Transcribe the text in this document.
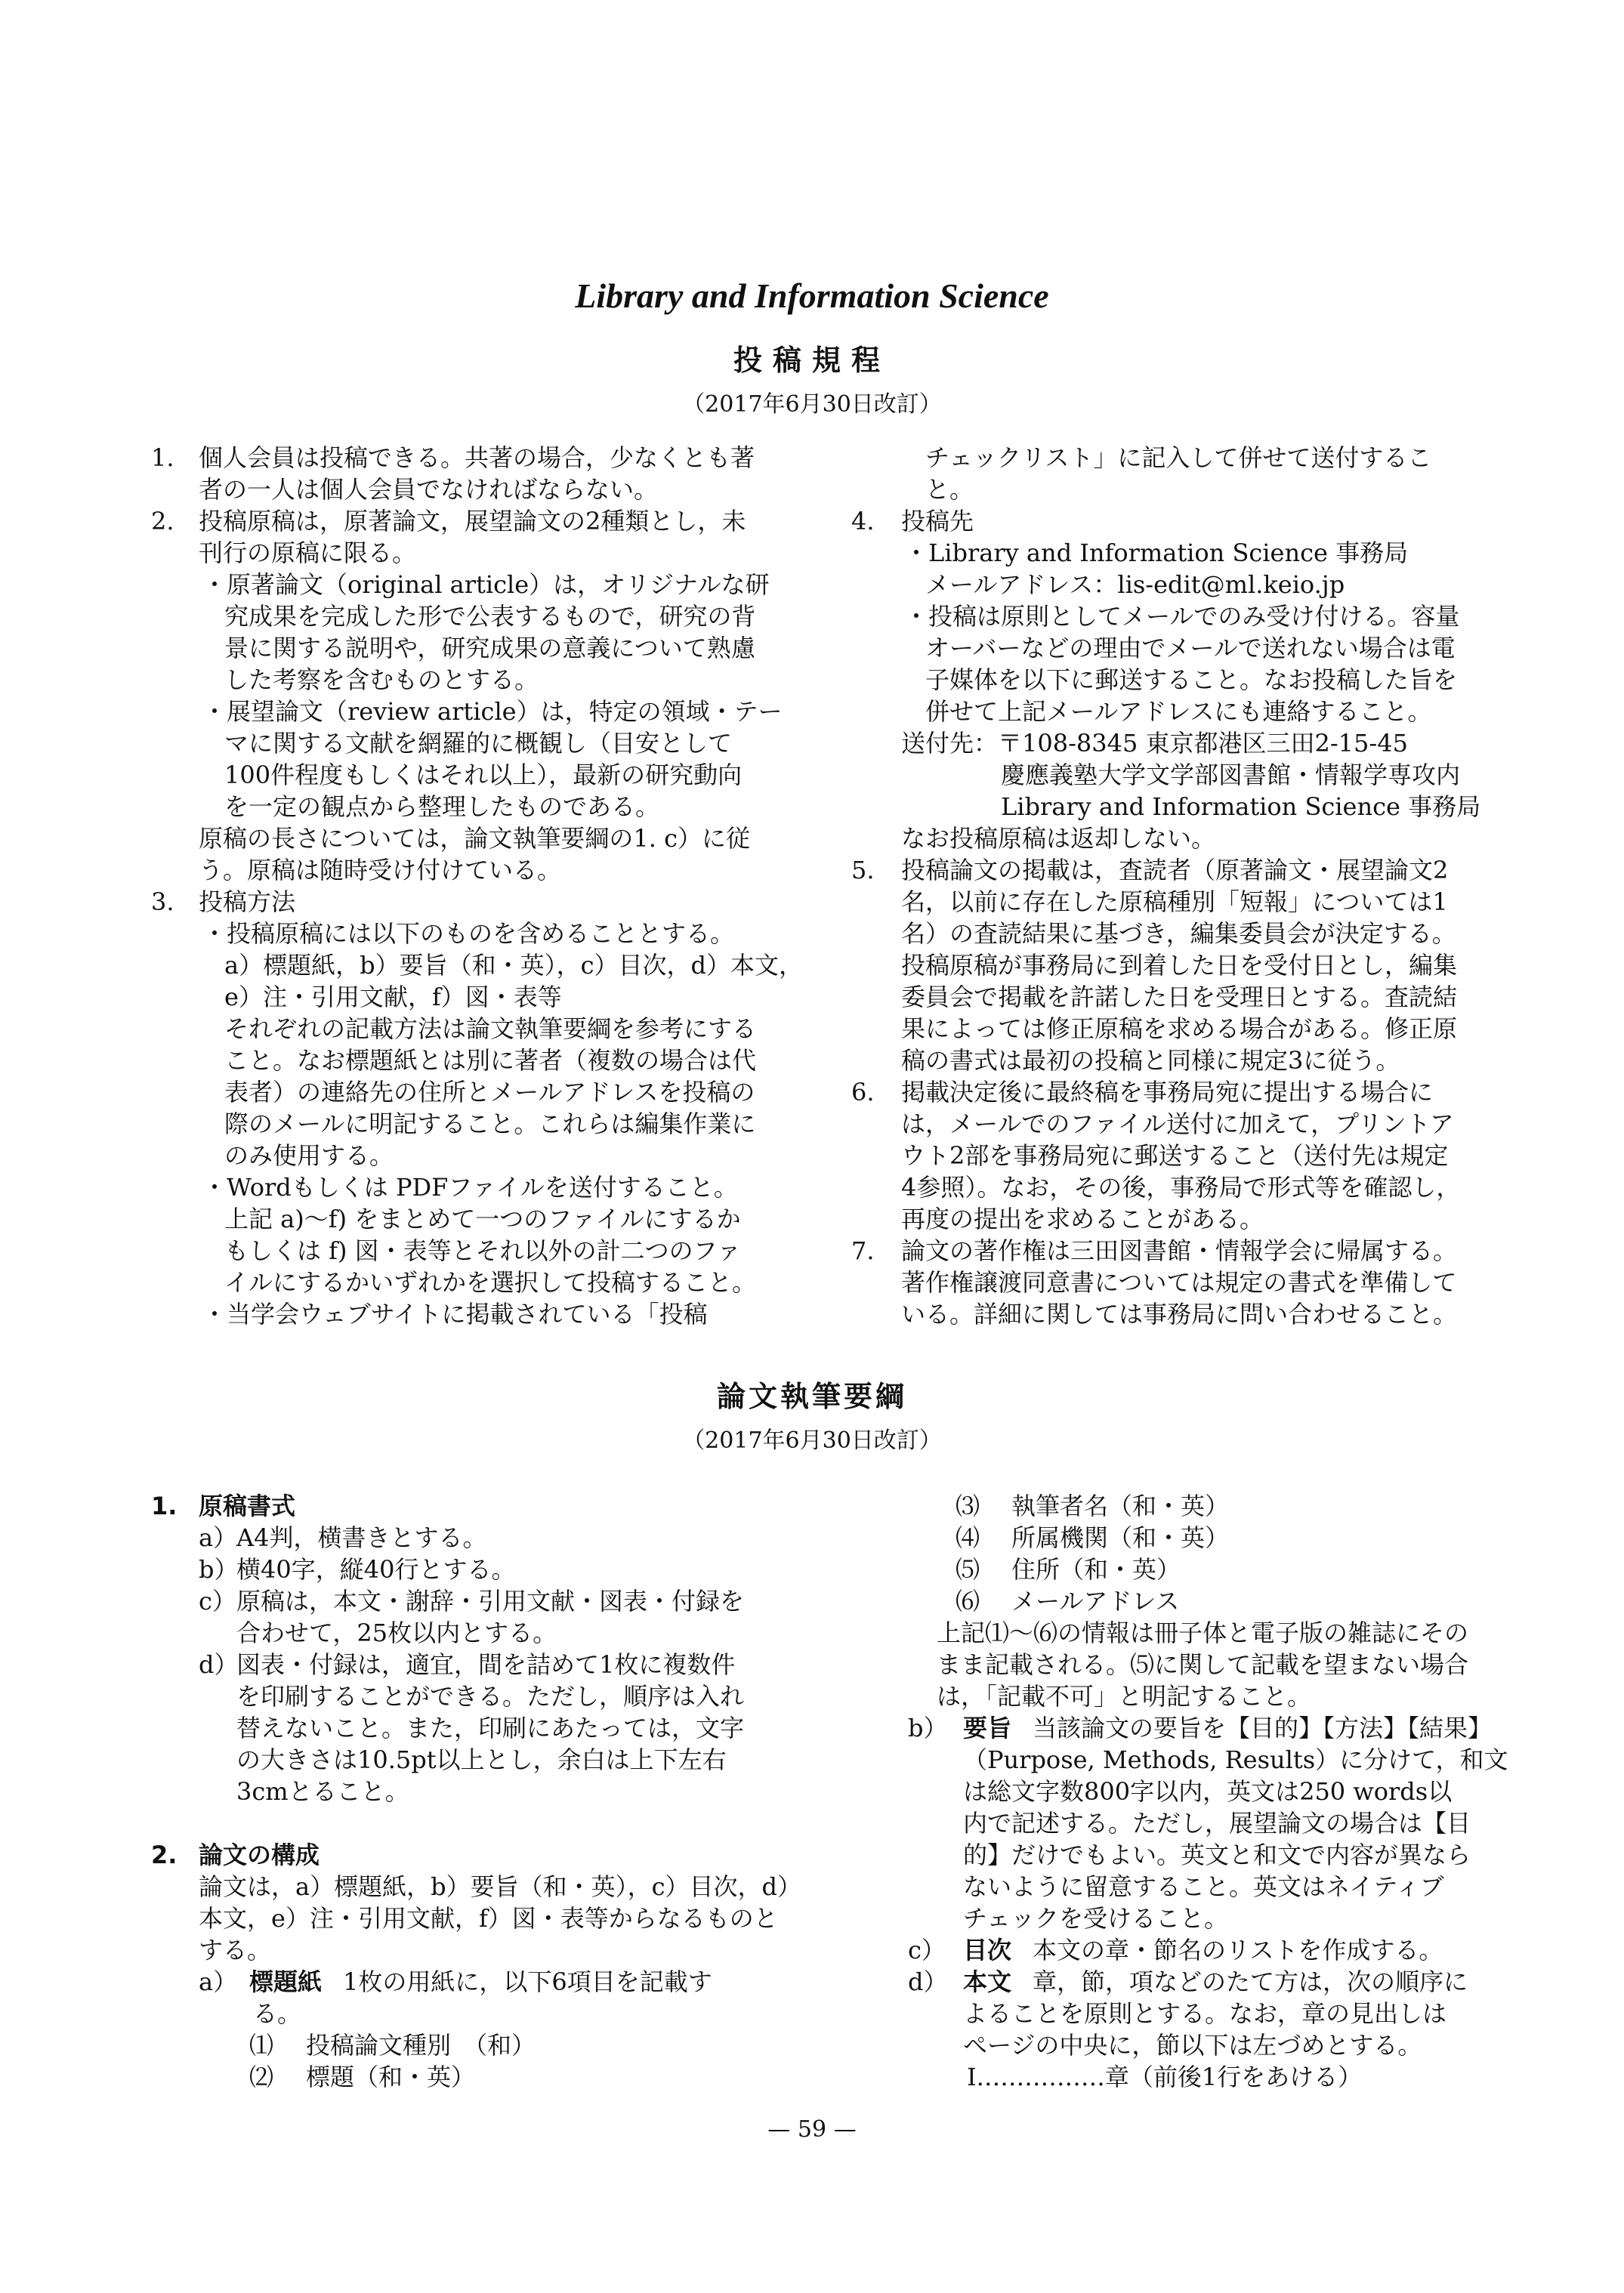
Library and Information Science
投稿規程
（2017年6月30日改訂）
1. 個人会員は投稿できる。共著の場合，少なくとも著
者の一人は個人会員でなければならない。
2. 投稿原稿は，原著論文，展望論文の2種類とし，未
刊行の原稿に限る。
・原著論文（original article）は，オリジナルな研
究成果を完成した形で公表するもので，研究の背
景に関する説明や，研究成果の意義について熟慮
した考察を含むものとする。
・展望論文（review article）は，特定の領域・テー
マに関する文献を網羅的に概観し（目安として
100件程度もしくはそれ以上），最新の研究動向
を一定の観点から整理したものである。
原稿の長さについては，論文執筆要綱の1. c）に従
う。原稿は随時受け付けている。
3. 投稿方法
・投稿原稿には以下のものを含めることとする。
a）標題紙，b）要旨（和・英），c）目次，d）本文，
e）注・引用文献，f）図・表等
それぞれの記載方法は論文執筆要綱を参考にする
こと。なお標題紙とは別に著者（複数の場合は代
表者）の連絡先の住所とメールアドレスを投稿の
際のメールに明記すること。これらは編集作業に
のみ使用する。
・Wordもしくは PDFファイルを送付すること。
上記 a)～f) をまとめて一つのファイルにするか
もしくは f) 図・表等とそれ以外の計二つのファ
イルにするかいずれかを選択して投稿すること。
・当学会ウェブサイトに掲載されている「投稿
チェックリスト」に記入して併せて送付するこ
と。
4. 投稿先
・Library and Information Science 事務局
メールアドレス：lis-edit@ml.keio.jp
・投稿は原則としてメールでのみ受け付ける。容量
オーバーなどの理由でメールで送れない場合は電
子媒体を以下に郵送すること。なお投稿した旨を
併せて上記メールアドレスにも連絡すること。
送付先：〒108-8345 東京都港区三田2-15-45
慶應義塾大学文学部図書館・情報学専攻内
Library and Information Science 事務局
なお投稿原稿は返却しない。
5. 投稿論文の掲載は，査読者（原著論文・展望論文2
名，以前に存在した原稿種別「短報」については1
名）の査読結果に基づき，編集委員会が決定する。
投稿原稿が事務局に到着した日を受付日とし，編集
委員会で掲載を許諾した日を受理日とする。査読結
果によっては修正原稿を求める場合がある。修正原
稿の書式は最初の投稿と同様に規定3に従う。
6. 掲載決定後に最終稿を事務局宛に提出する場合に
は，メールでのファイル送付に加えて，プリントア
ウト2部を事務局宛に郵送すること（送付先は規定
4参照）。なお，その後，事務局で形式等を確認し，
再度の提出を求めることがある。
7. 論文の著作権は三田図書館・情報学会に帰属する。
著作権譲渡同意書については規定の書式を準備して
いる。詳細に関しては事務局に問い合わせること。
論文執筆要綱
（2017年6月30日改訂）
1. 原稿書式
a）
A4判，横書きとする。
b）
横40字，縦40行とする。
c） 原稿は，本文・謝辞・引用文献・図表・付録を
合わせて，25枚以内とする。
d）
図表・付録は，適宜，間を詰めて1枚に複数件
を印刷することができる。ただし，順序は入れ
替えないこと。また，印刷にあたっては，文字
の大きさは10.5pt以上とし，余白は上下左右
3cmとること。
2. 論文の構成
論文は，a）標題紙，b）要旨（和・英），c）目次，d）
本文，e）注・引用文献，f）図・表等からなるものと
する。
a） 標題紙 1枚の用紙に，以下6項目を記載す
る。
⑴ 投稿論文種別　（和）
⑵ 標題（和・英）
⑶ 執筆者名（和・英）
⑷ 所属機関（和・英）
⑸ 住所（和・英）
⑹ メールアドレス
上記⑴～⑹の情報は冊子体と電子版の雑誌にその
まま記載される。⑸に関して記載を望まない場合
は，「記載不可」と明記すること。
b） 要旨 当該論文の要旨を【目的】【方法】【結果】
（Purpose, Methods, Results）に分けて，和文
は総文字数800字以内，英文は250 words以
内で記述する。ただし，展望論文の場合は【目
的】だけでもよい。英文と和文で内容が異なら
ないように留意すること。英文はネイティブ
チェックを受けること。
c） 目次 本文の章・節名のリストを作成する。
d） 本文 章，節，項などのたて方は，次の順序に
よることを原則とする。なお，章の見出しは
ページの中央に，節以下は左づめとする。
I.……………章（前後1行をあける）
— 59 —
